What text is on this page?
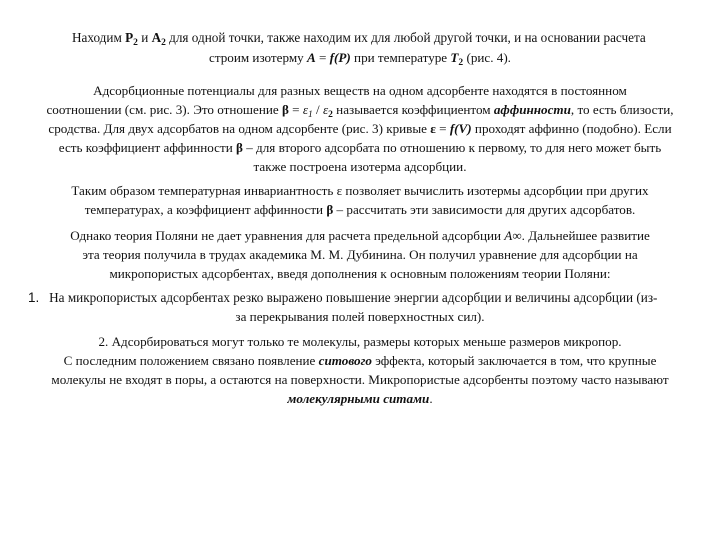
Находим $P_2$ и $A_2$ для одной точки, также находим их для любой другой точки, и на основании расчета
строим изотерму A = f(P) при температуре $T_2$ (рис. 4).
Адсорбционные потенциалы для разных веществ на одном адсорбенте находятся в постоянном
соотношении (см. рис. 3). Это отношение $\beta = \varepsilon_1 / \varepsilon_2$ называется коэффициентом аффинности, то есть близости,
сродства. Для двух адсорбатов на одном адсорбенте (рис. 3) кривые ε = f(V) проходят аффинно (подобно). Если
есть коэффициент аффинности β – для второго адсорбата по отношению к первому, то для него может быть
также построена изотерма адсорбции.
Таким образом температурная инвариантность ε позволяет вычислить изотермы адсорбции при других
температурах, а коэффициент аффинности β – рассчитать эти зависимости для других адсорбатов.
Однако теория Поляни не дает уравнения для расчета предельной адсорбции A∞. Дальнейшее развитие
эта теория получила в трудах академика М. М. Дубинина. Он получил уравнение для адсорбции на
микропористых адсорбентах, введя дополнения к основным положениям теории Поляни:
1. На микропористых адсорбентах резко выражено повышение энергии адсорбции и величины адсорбции (из-
за перекрывания полей поверхностных сил).
2. Адсорбироваться могут только те молекулы, размеры которых меньше размеров микропор.
С последним положением связано появление ситового эффекта, который заключается в том, что крупные
молекулы не входят в поры, а остаются на поверхности. Микропористые адсорбенты поэтому часто называют
молекулярными ситами.
